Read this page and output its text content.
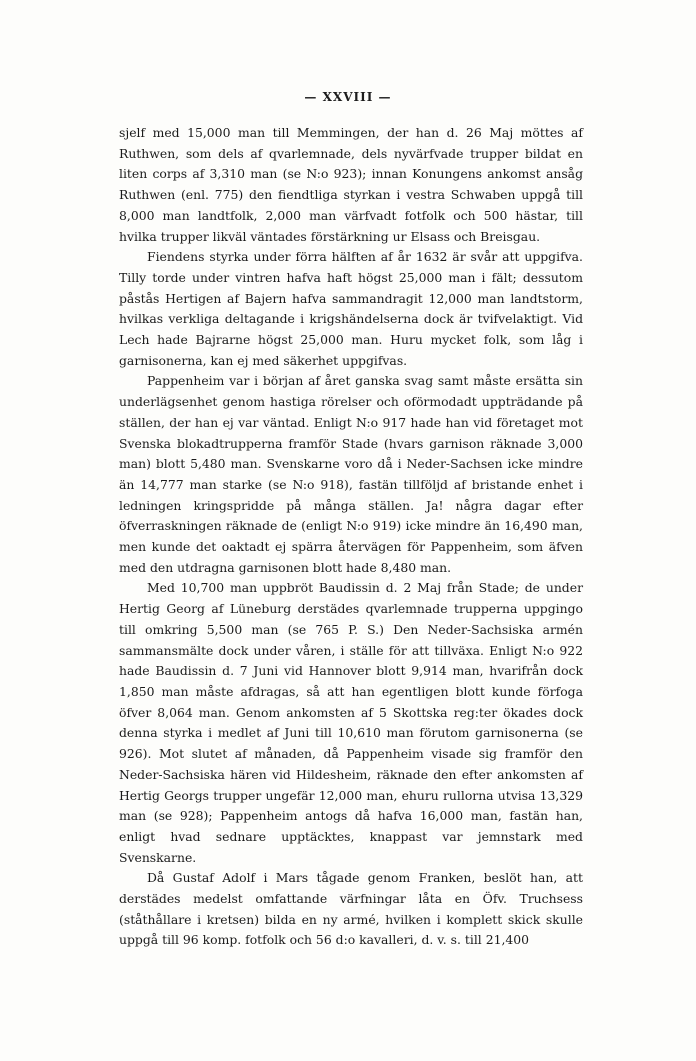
— XXVIII —

sjelf med 15,000 man till Memmingen, der han d. 26 Maj möttes af Ruthwen, som dels af qvarlemnade, dels nyvärfvade trupper bildat en liten corps af 3,310 man (se N:o 923); innan Konungens ankomst ansåg Ruthwen (enl. 775) den fiendtliga styrkan i vestra Schwaben uppgå till 8,000 man landtfolk, 2,000 man värfvadt fotfolk och 500 hästar, till hvilka trupper likväl väntades förstärkning ur Elsass och Breisgau.

Fiendens styrka under förra hälften af år 1632 är svår att uppgifva. Tilly torde under vintren hafva haft högst 25,000 man i fält; dessutom påstås Hertigen af Bajern hafva sammandragit 12,000 man landtstorm, hvilkas verkliga deltagande i krigshändelserna dock är tvifvelaktigt. Vid Lech hade Bajrarne högst 25,000 man. Huru mycket folk, som låg i garnisonerna, kan ej med säkerhet uppgifvas.

Pappenheim var i början af året ganska svag samt måste ersätta sin underlägsenhet genom hastiga rörelser och oförmodadt uppträdande på ställen, der han ej var väntad. Enligt N:o 917 hade han vid företaget mot Svenska blokadtrupperna framför Stade (hvars garnison räknade 3,000 man) blott 5,480 man. Svenskarne voro då i Neder-Sachsen icke mindre än 14,777 man starke (se N:o 918), fastän tillföljd af bristande enhet i ledningen kringspridde på många ställen. Ja! några dagar efter öfverraskningen räknade de (enligt N:o 919) icke mindre än 16,490 man, men kunde det oaktadt ej spärra återvägen för Pappenheim, som äfven med den utdragna garnisonen blott hade 8,480 man.

Med 10,700 man uppbröt Baudissin d. 2 Maj från Stade; de under Hertig Georg af Lüneburg derstädes qvarlemnade trupperna uppgingo till omkring 5,500 man (se 765 P. S.) Den Neder-Sachsiska armén sammansmälte dock under våren, i ställe för att tillväxa. Enligt N:o 922 hade Baudissin d. 7 Juni vid Hannover blott 9,914 man, hvarifrån dock 1,850 man måste afdragas, så att han egentligen blott kunde förfoga öfver 8,064 man. Genom ankomsten af 5 Skottska reg:ter ökades dock denna styrka i medlet af Juni till 10,610 man förutom garnisonerna (se 926). Mot slutet af månaden, då Pappenheim visade sig framför den Neder-Sachsiska hären vid Hildesheim, räknade den efter ankomsten af Hertig Georgs trupper ungefär 12,000 man, ehuru rullorna utvisa 13,329 man (se 928); Pappenheim antogs då hafva 16,000 man, fastän han, enligt hvad sednare upptäcktes, knappast var jemnstark med Svenskarne.

Då Gustaf Adolf i Mars tågade genom Franken, beslöt han, att derstädes medelst omfattande värfningar låta en Öfv. Truchsess (ståthållare i kretsen) bilda en ny armé, hvilken i komplett skick skulle uppgå till 96 komp. fotfolk och 56 d:o kavalleri, d. v. s. till 21,400
